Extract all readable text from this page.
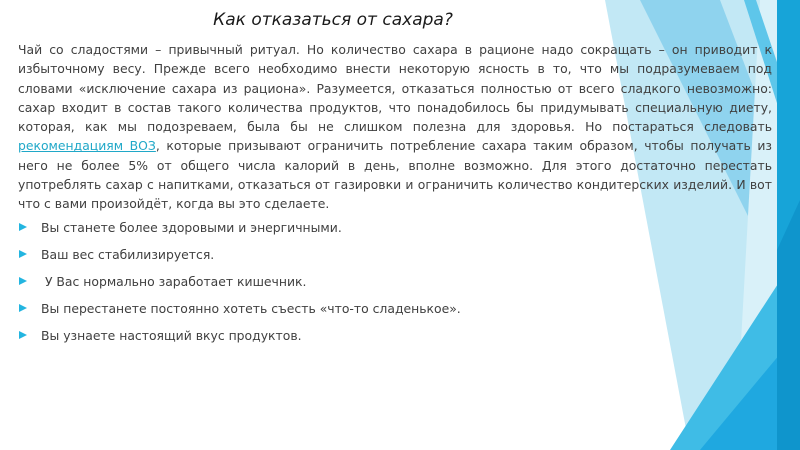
Как отказаться от сахара?

Чай со сладостями – привычный ритуал. Но количество сахара в рационе надо сокращать – он приводит к избыточному весу. Прежде всего необходимо внести некоторую ясность в то, что мы подразумеваем под словами «исключение сахара из рациона». Разумеется, отказаться полностью от всего сладкого невозможно: сахар входит в состав такого количества продуктов, что понадобилось бы придумывать специальную диету, которая, как мы подозреваем, была бы не слишком полезна для здоровья. Но постараться следовать рекомендациям ВОЗ, которые призывают ограничить потребление сахара таким образом, чтобы получать из него не более 5% от общего числа калорий в день, вполне возможно. Для этого достаточно перестать употреблять сахар с напитками, отказаться от газировки и ограничить количество кондитерских изделий. И вот что с вами произойдёт, когда вы это сделаете.

Вы станете более здоровыми и энергичными.
Ваш вес стабилизируется.
У Вас нормально заработает кишечник.
Вы перестанете постоянно хотеть съесть «что-то сладенькое».
Вы узнаете настоящий вкус продуктов.
